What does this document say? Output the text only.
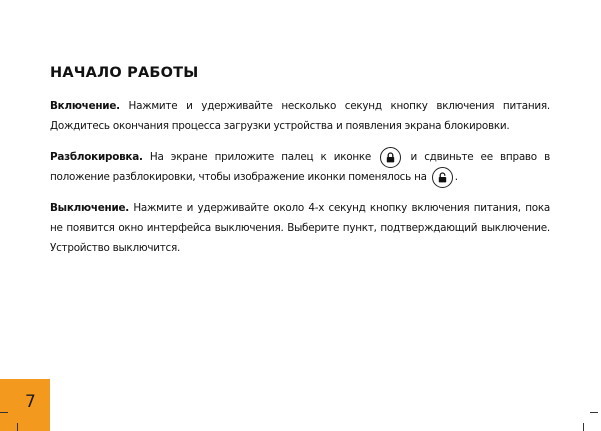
НАЧАЛО РАБОТЫ

Включение. Нажмите и удерживайте несколько секунд кнопку включения питания. Дождитесь окончания процесса загрузки устройства и появления экрана блокировки.

Разблокировка. На экране приложите палец к иконке	и сдвиньте ее вправо в положение разблокировки, чтобы изображение иконки поменялось на	.

Выключение. Нажмите и удерживайте около 4-х секунд кнопку включения питания, пока не появится окно интерфейса выключения. Выберите пункт, подтверждающий выключение. Устройство выключится.

7
